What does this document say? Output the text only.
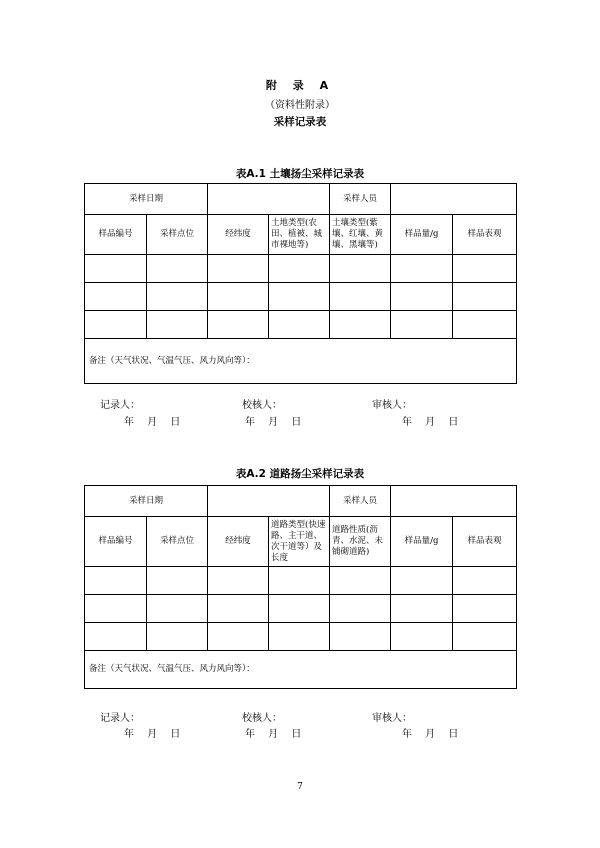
附 录 A
（资料性附录）
采样记录表
表A.1 土壤扬尘采样记录表
采样日期				采样人员		
样品编号	采样点位	经纬度	土地类型(农田、植被、城市裸地等)	土壤类型(紫壤、红壤、黄壤、黑壤等)	样品量/g	样品表观

备注（天气状况、气温气压、风力风向等）：						
记录人：	校核人：	审核人：
年 月 日	年 月 日	年 月 日
表A.2 道路扬尘采样记录表
采样日期				采样人员		
样品编号	采样点位	经纬度	道路类型(快速路、主干道、次干道等）及长度	道路性质(沥青、水泥、未铺砌道路)	样品量/g	样品表观

备注（天气状况、气温气压、风力风向等）：						
记录人：	校核人：	审核人：
年 月 日	年 月 日	年 月 日
7
